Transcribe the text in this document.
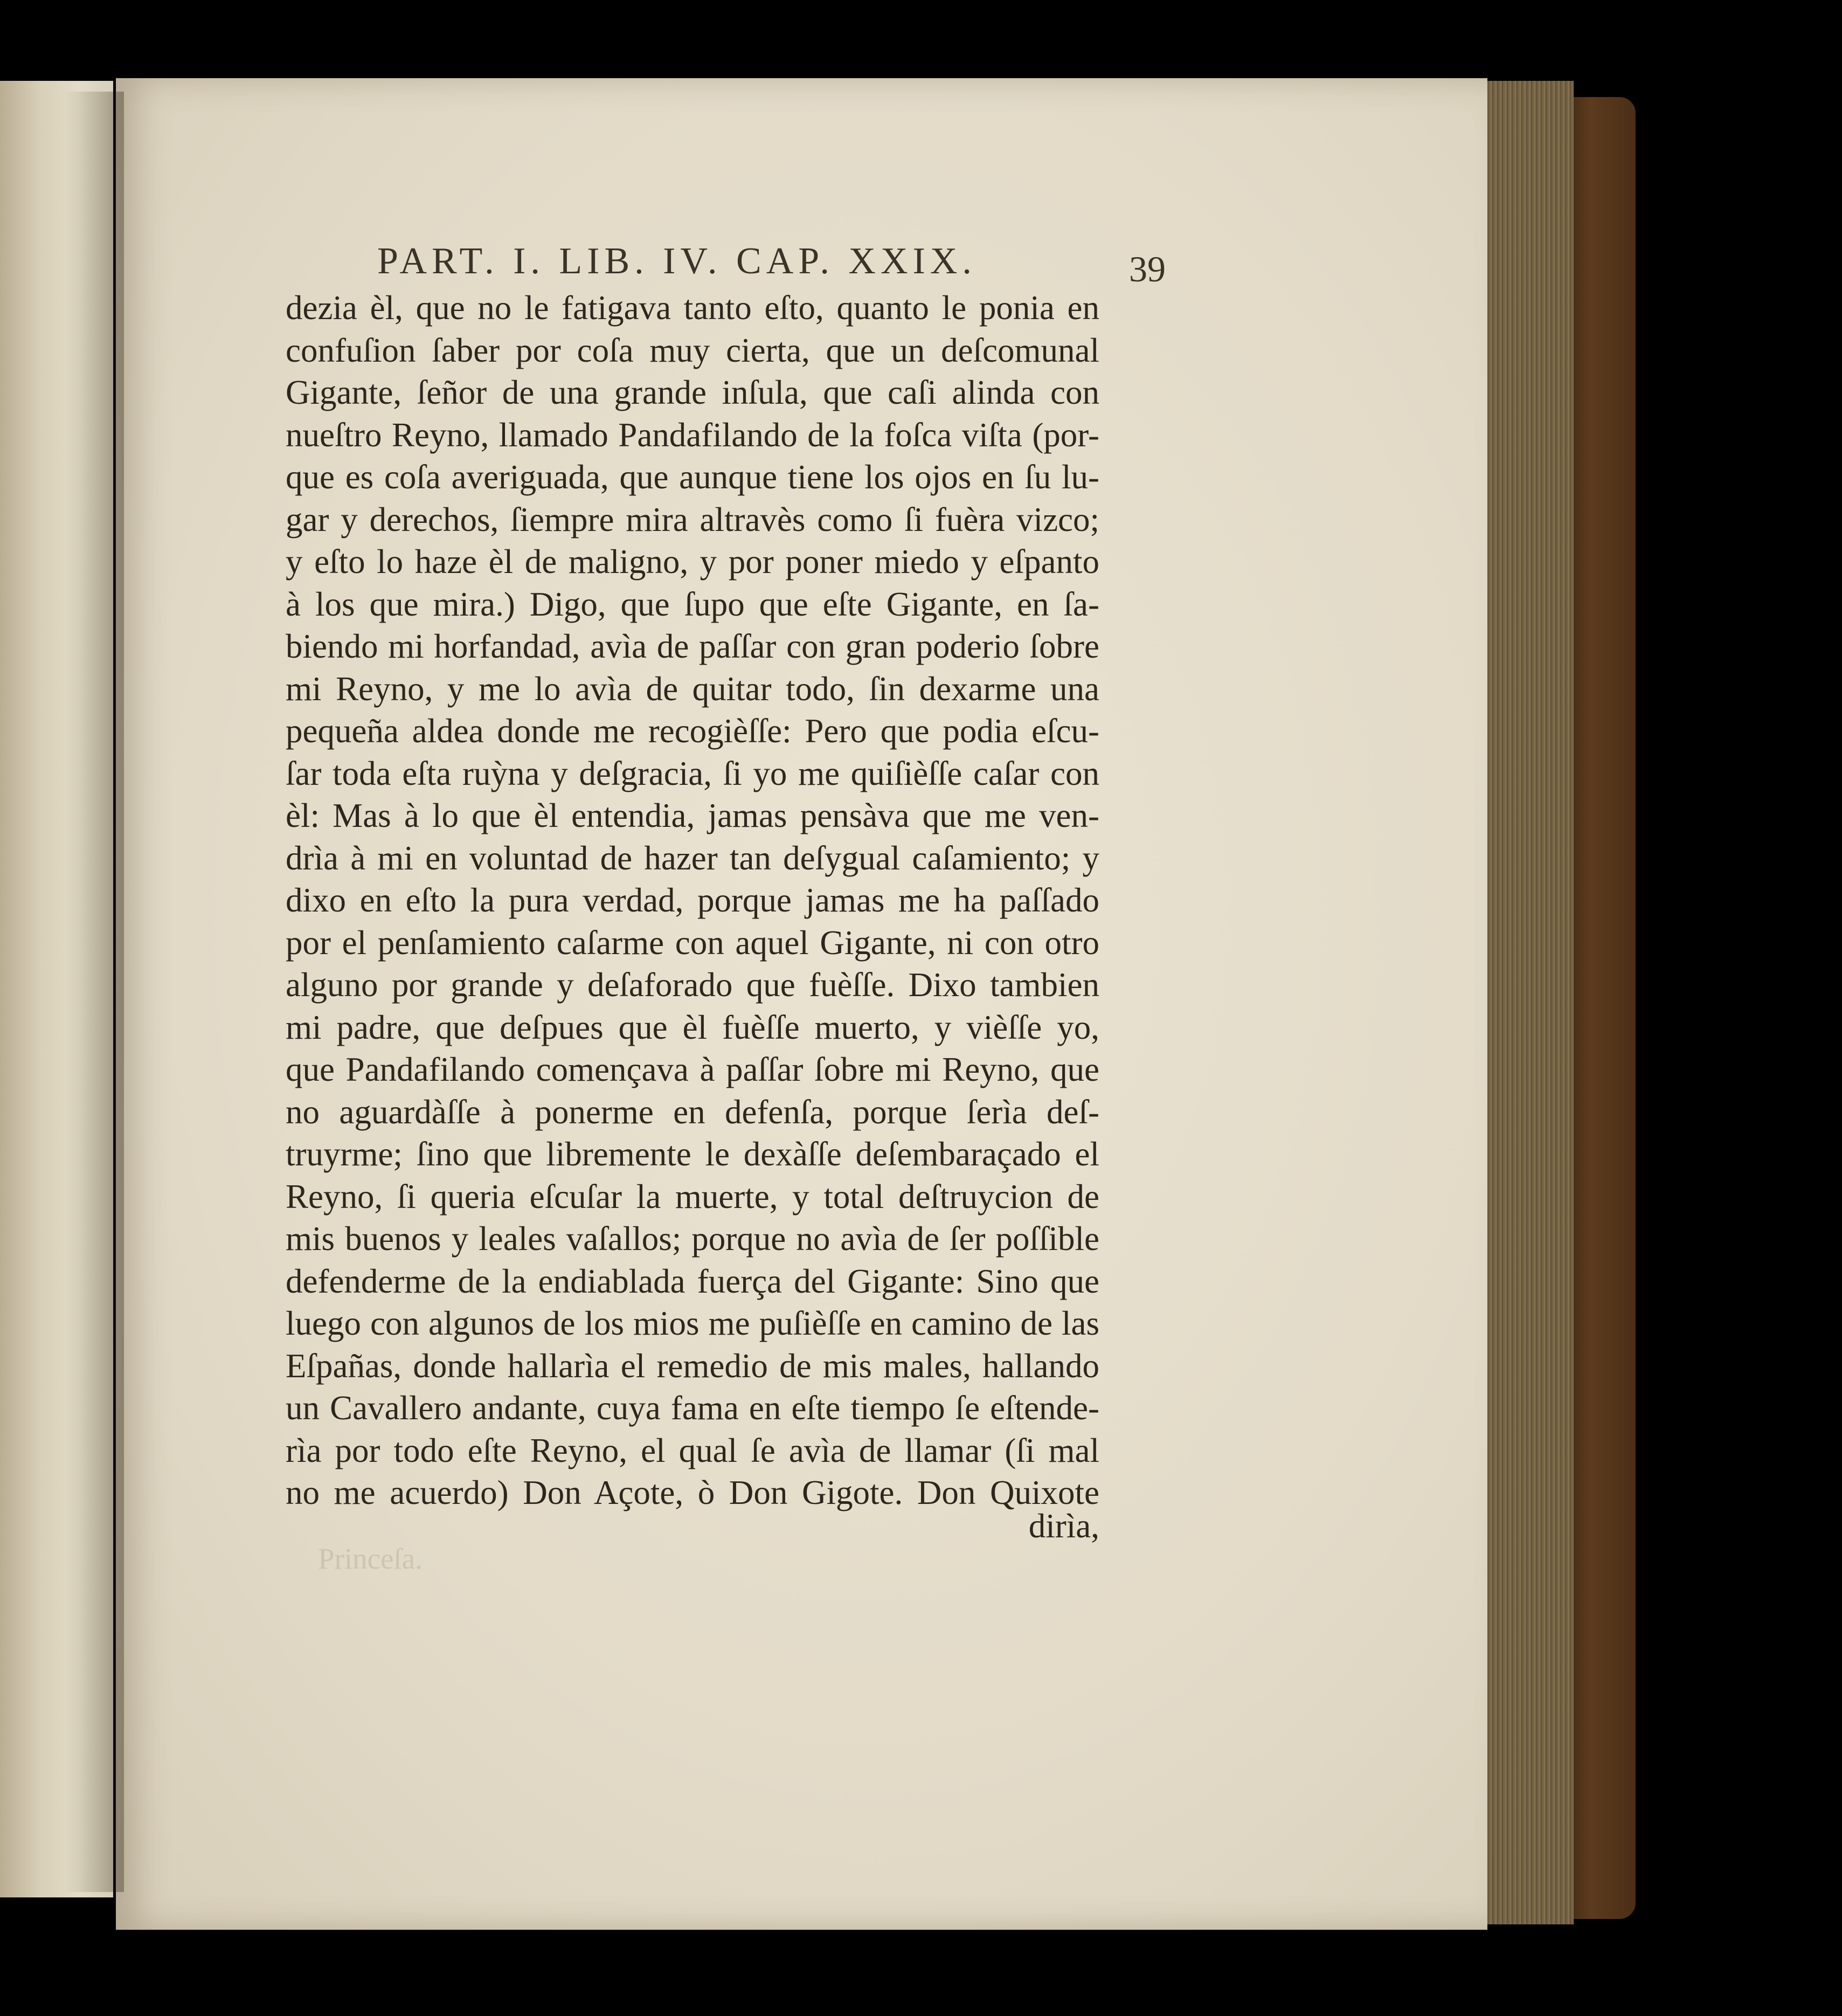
Princeſa.
PART. I. LIB. IV. CAP. XXIX.	39
dezia èl, que no le fatigava tanto eſto, quanto le ponia en
confuſion ſaber por coſa muy cierta, que un deſcomunal
Gigante, ſeñor de una grande inſula, que caſi alinda con
nueſtro Reyno, llamado Pandafilando de la foſca viſta (por-
que es coſa averiguada, que aunque tiene los ojos en ſu lu-
gar y derechos, ſiempre mira altravès como ſi fuèra vizco;
y eſto lo haze èl de maligno, y por poner miedo y eſpanto
à los que mira.) Digo, que ſupo que eſte Gigante, en ſa-
biendo mi horfandad, avìa de paſſar con gran poderio ſobre
mi Reyno, y me lo avìa de quitar todo, ſin dexarme una
pequeña aldea donde me recogièſſe: Pero que podia eſcu-
ſar toda eſta ruỳna y deſgracia, ſi yo me quiſièſſe caſar con
èl: Mas à lo que èl entendia, jamas pensàva que me ven-
drìa à mi en voluntad de hazer tan deſygual caſamiento; y
dixo en eſto la pura verdad, porque jamas me ha paſſado
por el penſamiento caſarme con aquel Gigante, ni con otro
alguno por grande y deſaforado que fuèſſe. Dixo tambien
mi padre, que deſpues que èl fuèſſe muerto, y vièſſe yo,
que Pandafilando començava à paſſar ſobre mi Reyno, que
no aguardàſſe à ponerme en defenſa, porque ſerìa deſ-
truyrme; ſino que libremente le dexàſſe deſembaraçado el
Reyno, ſi queria eſcuſar la muerte, y total deſtruycion de
mis buenos y leales vaſallos; porque no avìa de ſer poſſible
defenderme de la endiablada fuerça del Gigante: Sino que
luego con algunos de los mios me puſièſſe en camino de las
Eſpañas, donde hallarìa el remedio de mis males, hallando
un Cavallero andante, cuya fama en eſte tiempo ſe eſtende-
rìa por todo eſte Reyno, el qual ſe avìa de llamar (ſi mal
no me acuerdo) Don Açote, ò Don Gigote. Don Quixote
dirìa,
